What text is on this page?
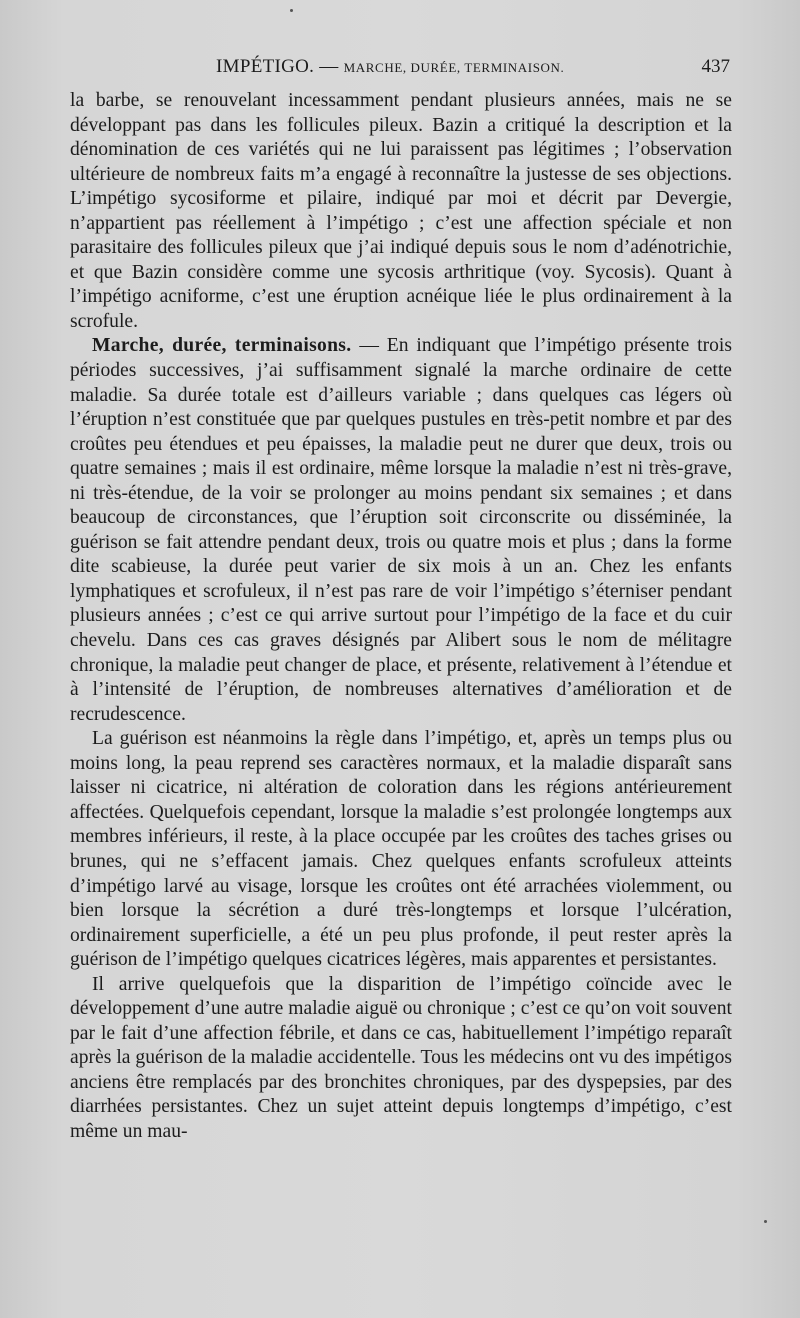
IMPÉTIGO. — MARCHE, DURÉE, TERMINAISON.	437

la barbe, se renouvelant incessamment pendant plusieurs années, mais ne se développant pas dans les follicules pileux. Bazin a critiqué la description et la dénomination de ces variétés qui ne lui paraissent pas légitimes ; l’observation ultérieure de nombreux faits m’a engagé à reconnaître la justesse de ses objections. L’impétigo sycosiforme et pilaire, indiqué par moi et décrit par Devergie, n’appartient pas réellement à l’impétigo ; c’est une affection spéciale et non parasitaire des follicules pileux que j’ai indiqué depuis sous le nom d’adénotrichie, et que Bazin considère comme une sycosis arthritique (voy. Sycosis). Quant à l’impétigo acniforme, c’est une éruption acnéique liée le plus ordinairement à la scrofule.

Marche, durée, terminaisons. — En indiquant que l’impétigo présente trois périodes successives, j’ai suffisamment signalé la marche ordinaire de cette maladie. Sa durée totale est d’ailleurs variable ; dans quelques cas légers où l’éruption n’est constituée que par quelques pustules en très-petit nombre et par des croûtes peu étendues et peu épaisses, la maladie peut ne durer que deux, trois ou quatre semaines ; mais il est ordinaire, même lorsque la maladie n’est ni très-grave, ni très-étendue, de la voir se prolonger au moins pendant six semaines ; et dans beaucoup de circonstances, que l’éruption soit circonscrite ou disséminée, la guérison se fait attendre pendant deux, trois ou quatre mois et plus ; dans la forme dite scabieuse, la durée peut varier de six mois à un an. Chez les enfants lymphatiques et scrofuleux, il n’est pas rare de voir l’impétigo s’éterniser pendant plusieurs années ; c’est ce qui arrive surtout pour l’impétigo de la face et du cuir chevelu. Dans ces cas graves désignés par Alibert sous le nom de mélitagre chronique, la maladie peut changer de place, et présente, relativement à l’étendue et à l’intensité de l’éruption, de nombreuses alternatives d’amélioration et de recrudescence.

La guérison est néanmoins la règle dans l’impétigo, et, après un temps plus ou moins long, la peau reprend ses caractères normaux, et la maladie disparaît sans laisser ni cicatrice, ni altération de coloration dans les régions antérieurement affectées. Quelquefois cependant, lorsque la maladie s’est prolongée longtemps aux membres inférieurs, il reste, à la place occupée par les croûtes des taches grises ou brunes, qui ne s’effacent jamais. Chez quelques enfants scrofuleux atteints d’impétigo larvé au visage, lorsque les croûtes ont été arrachées violemment, ou bien lorsque la sécrétion a duré très-longtemps et lorsque l’ulcération, ordinairement superficielle, a été un peu plus profonde, il peut rester après la guérison de l’impétigo quelques cicatrices légères, mais apparentes et persistantes.

Il arrive quelquefois que la disparition de l’impétigo coïncide avec le développement d’une autre maladie aiguë ou chronique ; c’est ce qu’on voit souvent par le fait d’une affection fébrile, et dans ce cas, habituellement l’impétigo reparaît après la guérison de la maladie accidentelle. Tous les médecins ont vu des impétigos anciens être remplacés par des bronchites chroniques, par des dyspepsies, par des diarrhées persistantes. Chez un sujet atteint depuis longtemps d’impétigo, c’est même un mau-
